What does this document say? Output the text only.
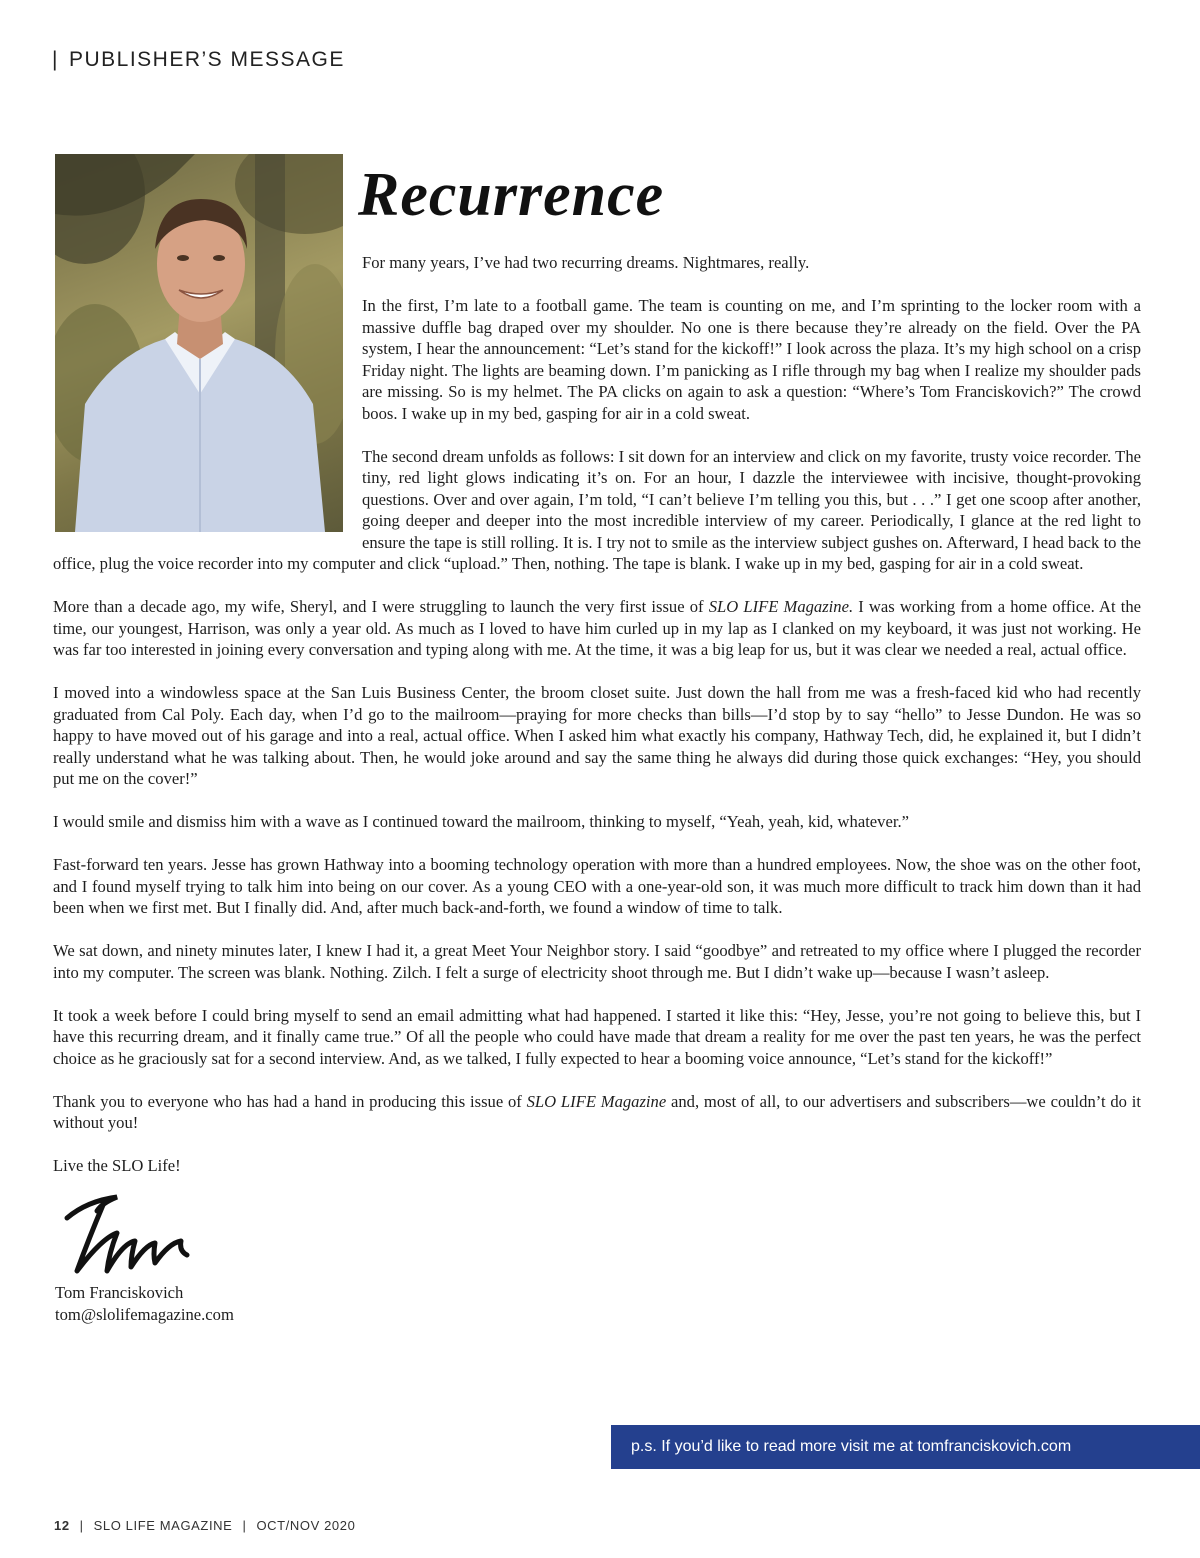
| PUBLISHER’S MESSAGE
Recurrence

For many years, I’ve had two recurring dreams. Nightmares, really.

In the first, I’m late to a football game. The team is counting on me, and I’m sprinting to the locker room with a massive duffle bag draped over my shoulder. No one is there because they’re already on the field. Over the PA system, I hear the announcement: “Let’s stand for the kickoff!” I look across the plaza. It’s my high school on a crisp Friday night. The lights are beaming down. I’m panicking as I rifle through my bag when I realize my shoulder pads are missing. So is my helmet. The PA clicks on again to ask a question: “Where’s Tom Franciskovich?” The crowd boos. I wake up in my bed, gasping for air in a cold sweat.

The second dream unfolds as follows: I sit down for an interview and click on my favorite, trusty voice recorder. The tiny, red light glows indicating it’s on. For an hour, I dazzle the interviewee with incisive, thought-provoking questions. Over and over again, I’m told, “I can’t believe I’m telling you this, but . . .” I get one scoop after another, going deeper and deeper into the most incredible interview of my career. Periodically, I glance at the red light to ensure the tape is still rolling. It is. I try not to smile as the interview subject gushes on. Afterward, I head back to the office, plug the voice recorder into my computer and click “upload.” Then, nothing. The tape is blank. I wake up in my bed, gasping for air in a cold sweat.

More than a decade ago, my wife, Sheryl, and I were struggling to launch the very first issue of SLO LIFE Magazine. I was working from a home office. At the time, our youngest, Harrison, was only a year old. As much as I loved to have him curled up in my lap as I clanked on my keyboard, it was just not working. He was far too interested in joining every conversation and typing along with me. At the time, it was a big leap for us, but it was clear we needed a real, actual office.

I moved into a windowless space at the San Luis Business Center, the broom closet suite. Just down the hall from me was a fresh-faced kid who had recently graduated from Cal Poly. Each day, when I’d go to the mailroom—praying for more checks than bills—I’d stop by to say “hello” to Jesse Dundon. He was so happy to have moved out of his garage and into a real, actual office. When I asked him what exactly his company, Hathway Tech, did, he explained it, but I didn’t really understand what he was talking about. Then, he would joke around and say the same thing he always did during those quick exchanges: “Hey, you should put me on the cover!”

I would smile and dismiss him with a wave as I continued toward the mailroom, thinking to myself, “Yeah, yeah, kid, whatever.”

Fast-forward ten years. Jesse has grown Hathway into a booming technology operation with more than a hundred employees. Now, the shoe was on the other foot, and I found myself trying to talk him into being on our cover. As a young CEO with a one-year-old son, it was much more difficult to track him down than it had been when we first met. But I finally did. And, after much back-and-forth, we found a window of time to talk.

We sat down, and ninety minutes later, I knew I had it, a great Meet Your Neighbor story. I said “goodbye” and retreated to my office where I plugged the recorder into my computer. The screen was blank. Nothing. Zilch. I felt a surge of electricity shoot through me. But I didn’t wake up—because I wasn’t asleep.

It took a week before I could bring myself to send an email admitting what had happened. I started it like this: “Hey, Jesse, you’re not going to believe this, but I have this recurring dream, and it finally came true.” Of all the people who could have made that dream a reality for me over the past ten years, he was the perfect choice as he graciously sat for a second interview. And, as we talked, I fully expected to hear a booming voice announce, “Let’s stand for the kickoff!”

Thank you to everyone who has had a hand in producing this issue of SLO LIFE Magazine and, most of all, to our advertisers and subscribers—we couldn’t do it without you!

Live the SLO Life!

Tom Franciskovich
tom@slolifemagazine.com
p.s. If you’d like to read more visit me at tomfranciskovich.com
12 | SLO LIFE MAGAZINE | OCT/NOV 2020
